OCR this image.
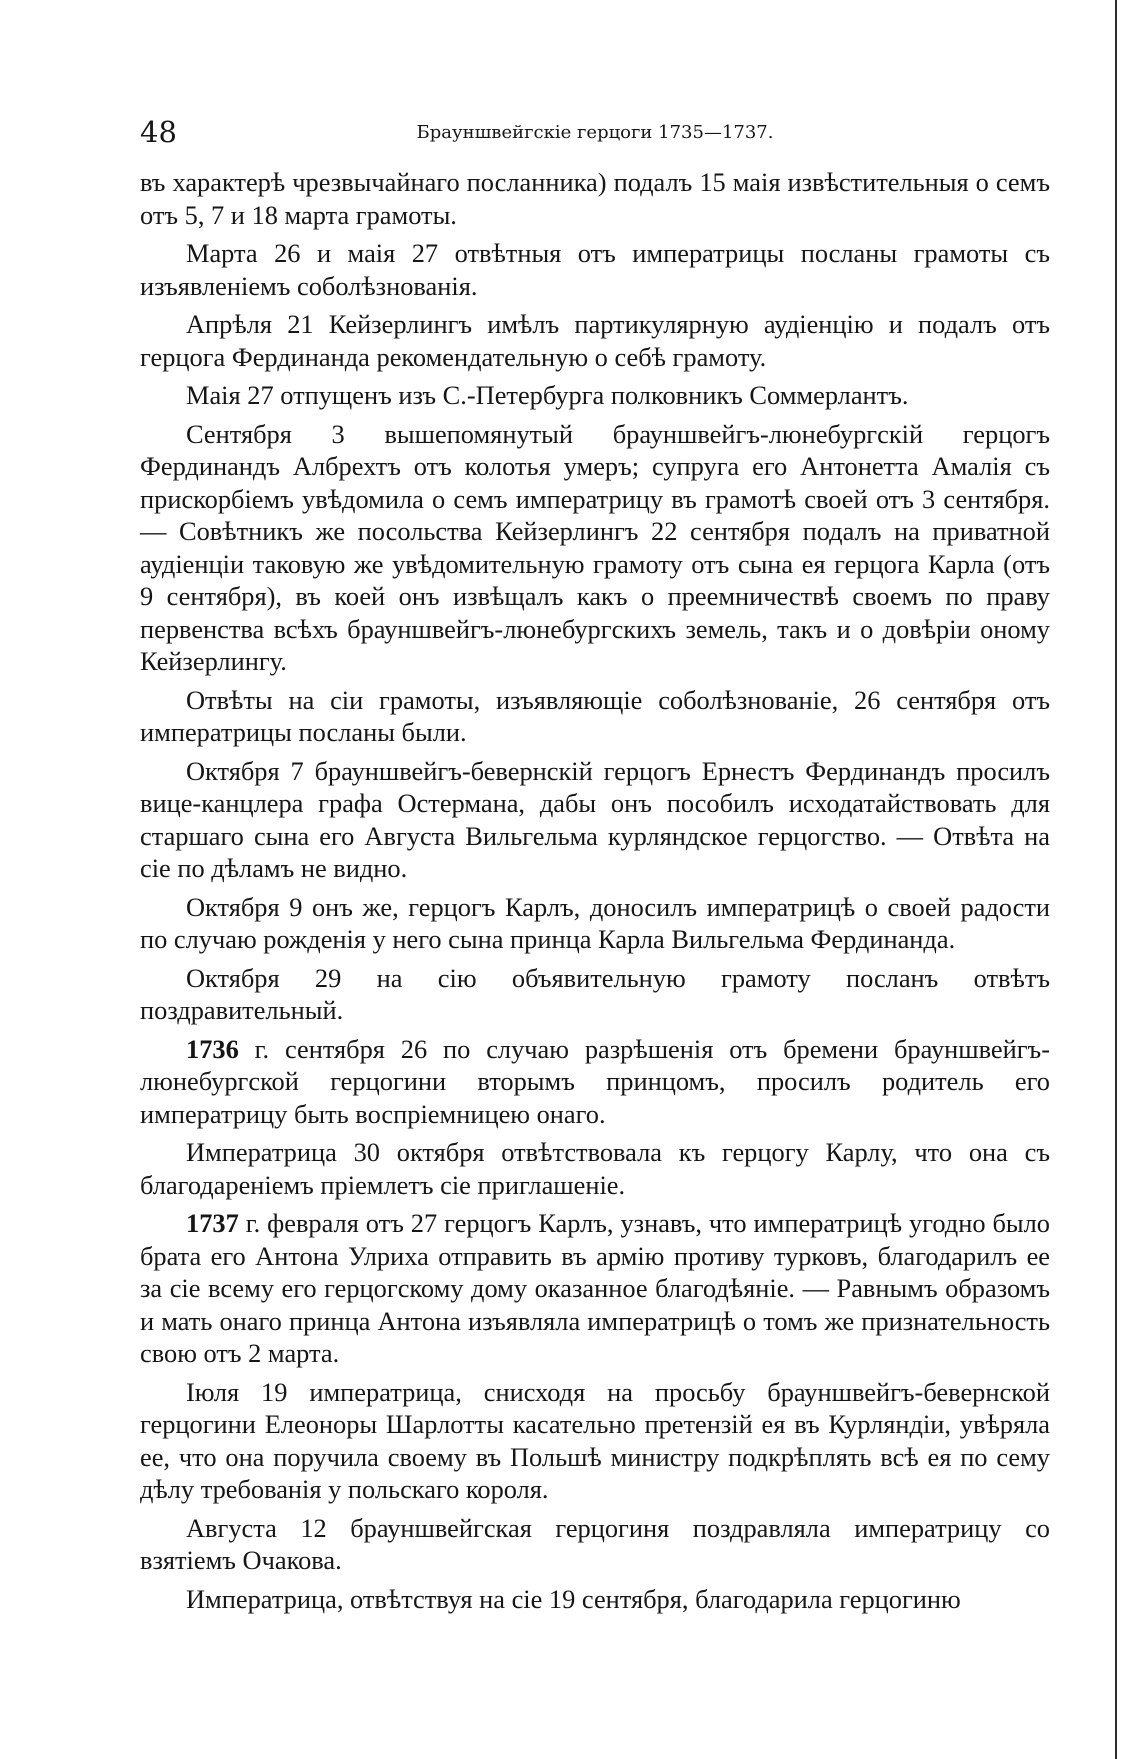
48	Брауншвейгскіе герцоги 1735—1737.

въ характерѣ чрезвычайнаго посланника) подалъ 15 маія извѣстительныя о семъ отъ 5, 7 и 18 марта грамоты.

Марта 26 и маія 27 отвѣтныя отъ императрицы посланы грамоты съ изъявленіемъ соболѣзнованія.

Апрѣля 21 Кейзерлингъ имѣлъ партикулярную аудіенцію и подалъ отъ герцога Фердинанда рекомендательную о себѣ грамоту.

Маія 27 отпущенъ изъ С.-Петербурга полковникъ Соммерлантъ.

Сентября 3 вышепомянутый брауншвейгъ-люнебургскій герцогъ Фердинандъ Албрехтъ отъ колотья умеръ; супруга его Антонетта Амалія съ прискорбіемъ увѣдомила о семъ императрицу въ грамотѣ своей отъ 3 сентября. — Совѣтникъ же посольства Кейзерлингъ 22 сентября подалъ на приватной аудіенціи таковую же увѣдомительную грамоту отъ сына ея герцога Карла (отъ 9 сентября), въ коей онъ извѣщалъ какъ о преемничествѣ своемъ по праву первенства всѣхъ брауншвейгъ-люнебургскихъ земель, такъ и о довѣріи оному Кейзерлингу.

Отвѣты на сіи грамоты, изъявляющіе соболѣзнованіе, 26 сентября отъ императрицы посланы были.

Октября 7 брауншвейгъ-бевернскій герцогъ Ернестъ Фердинандъ просилъ вице-канцлера графа Остермана, дабы онъ пособилъ исходатайствовать для старшаго сына его Августа Вильгельма курляндское герцогство. — Отвѣта на сіе по дѣламъ не видно.

Октября 9 онъ же, герцогъ Карлъ, доносилъ императрицѣ о своей радости по случаю рожденія у него сына принца Карла Вильгельма Фердинанда.

Октября 29 на сію объявительную грамоту посланъ отвѣтъ поздравительный.

1736 г. сентября 26 по случаю разрѣшенія отъ бремени брауншвейгъ-люнебургской герцогини вторымъ принцомъ, просилъ родитель его императрицу быть воспріемницею онаго.

Императрица 30 октября отвѣтствовала къ герцогу Карлу, что она съ благодареніемъ пріемлетъ сіе приглашеніе.

1737 г. февраля отъ 27 герцогъ Карлъ, узнавъ, что императрицѣ угодно было брата его Антона Улриха отправить въ армію противу турковъ, благодарилъ ее за сіе всему его герцогскому дому оказанное благодѣяніе. — Равнымъ образомъ и мать онаго принца Антона изъявляла императрицѣ о томъ же признательность свою отъ 2 марта.

Іюля 19 императрица, снисходя на просьбу брауншвейгъ-бевернской герцогини Елеоноры Шарлотты касательно претензій ея въ Курляндіи, увѣряла ее, что она поручила своему въ Польшѣ министру подкрѣплять всѣ ея по сему дѣлу требованія у польскаго короля.

Августа 12 брауншвейгская герцогиня поздравляла императрицу со взятіемъ Очакова.

Императрица, отвѣтствуя на сіе 19 сентября, благодарила герцогиню
